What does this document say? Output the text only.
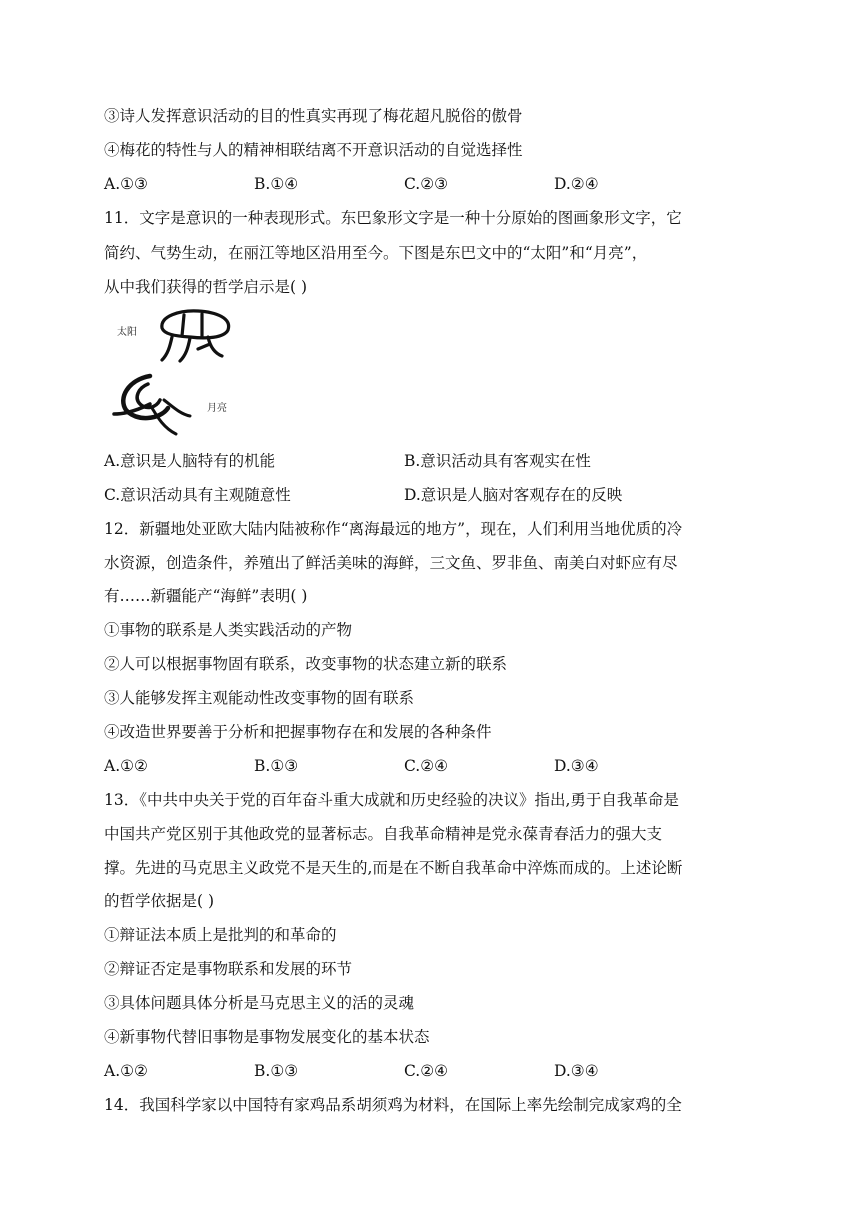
③诗人发挥意识活动的目的性真实再现了梅花超凡脱俗的傲骨
④梅花的特性与人的精神相联结离不开意识活动的自觉选择性
A.①③	B.①④	C.②③	D.②④
11．文字是意识的一种表现形式。东巴象形文字是一种十分原始的图画象形文字，它
简约、气势生动，在丽江等地区沿用至今。下图是东巴文中的“太阳”和“月亮”，
从中我们获得的哲学启示是( )
太阳
月亮
A.意识是人脑特有的机能	B.意识活动具有客观实在性
C.意识活动具有主观随意性	D.意识是人脑对客观存在的反映
12．新疆地处亚欧大陆内陆被称作“离海最远的地方”，现在，人们利用当地优质的冷
水资源，创造条件，养殖出了鲜活美味的海鲜，三文鱼、罗非鱼、南美白对虾应有尽
有……新疆能产“海鲜”表明( )
①事物的联系是人类实践活动的产物
②人可以根据事物固有联系，改变事物的状态建立新的联系
③人能够发挥主观能动性改变事物的固有联系
④改造世界要善于分析和把握事物存在和发展的各种条件
A.①②	B.①③	C.②④	D.③④
13．《中共中央关于党的百年奋斗重大成就和历史经验的决议》指出,勇于自我革命是
中国共产党区别于其他政党的显著标志。自我革命精神是党永葆青春活力的强大支
撑。先进的马克思主义政党不是天生的,而是在不断自我革命中淬炼而成的。上述论断
的哲学依据是( )
①辩证法本质上是批判的和革命的
②辩证否定是事物联系和发展的环节
③具体问题具体分析是马克思主义的活的灵魂
④新事物代替旧事物是事物发展变化的基本状态
A.①②	B.①③	C.②④	D.③④
14．我国科学家以中国特有家鸡品系胡须鸡为材料，在国际上率先绘制完成家鸡的全
